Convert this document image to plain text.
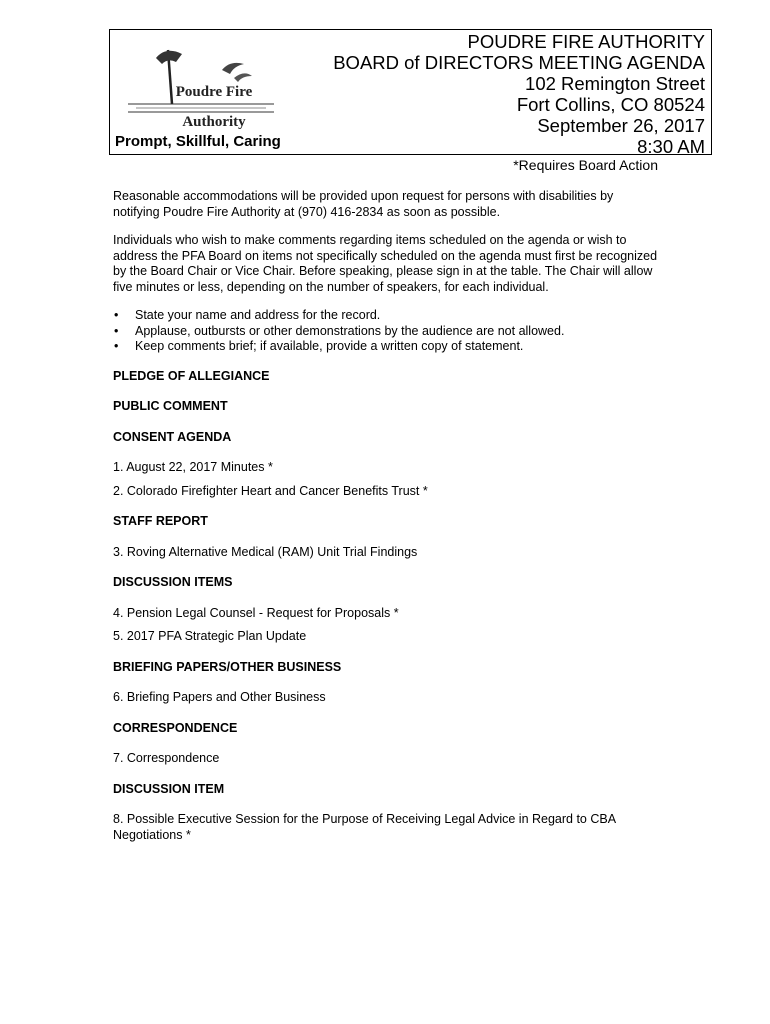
Poudre Fire
Authority
Prompt, Skillful, Caring
POUDRE FIRE AUTHORITY
BOARD of DIRECTORS MEETING AGENDA
102 Remington Street
Fort Collins, CO 80524
September 26, 2017
8:30 AM
*Requires Board Action

Reasonable accommodations will be provided upon request for persons with disabilities by notifying Poudre Fire Authority at (970) 416-2834 as soon as possible.

Individuals who wish to make comments regarding items scheduled on the agenda or wish to address the PFA Board on items not specifically scheduled on the agenda must first be recognized by the Board Chair or Vice Chair. Before speaking, please sign in at the table. The Chair will allow five minutes or less, depending on the number of speakers, for each individual.

• State your name and address for the record.
• Applause, outbursts or other demonstrations by the audience are not allowed.
• Keep comments brief; if available, provide a written copy of statement.
PLEDGE OF ALLEGIANCE
PUBLIC COMMENT
CONSENT AGENDA
1. August 22, 2017 Minutes *
2. Colorado Firefighter Heart and Cancer Benefits Trust *
STAFF REPORT
3. Roving Alternative Medical (RAM) Unit Trial Findings
DISCUSSION ITEMS
4. Pension Legal Counsel - Request for Proposals *
5. 2017 PFA Strategic Plan Update
BRIEFING PAPERS/OTHER BUSINESS
6. Briefing Papers and Other Business
CORRESPONDENCE
7. Correspondence
DISCUSSION ITEM
8. Possible Executive Session for the Purpose of Receiving Legal Advice in Regard to CBA Negotiations *
